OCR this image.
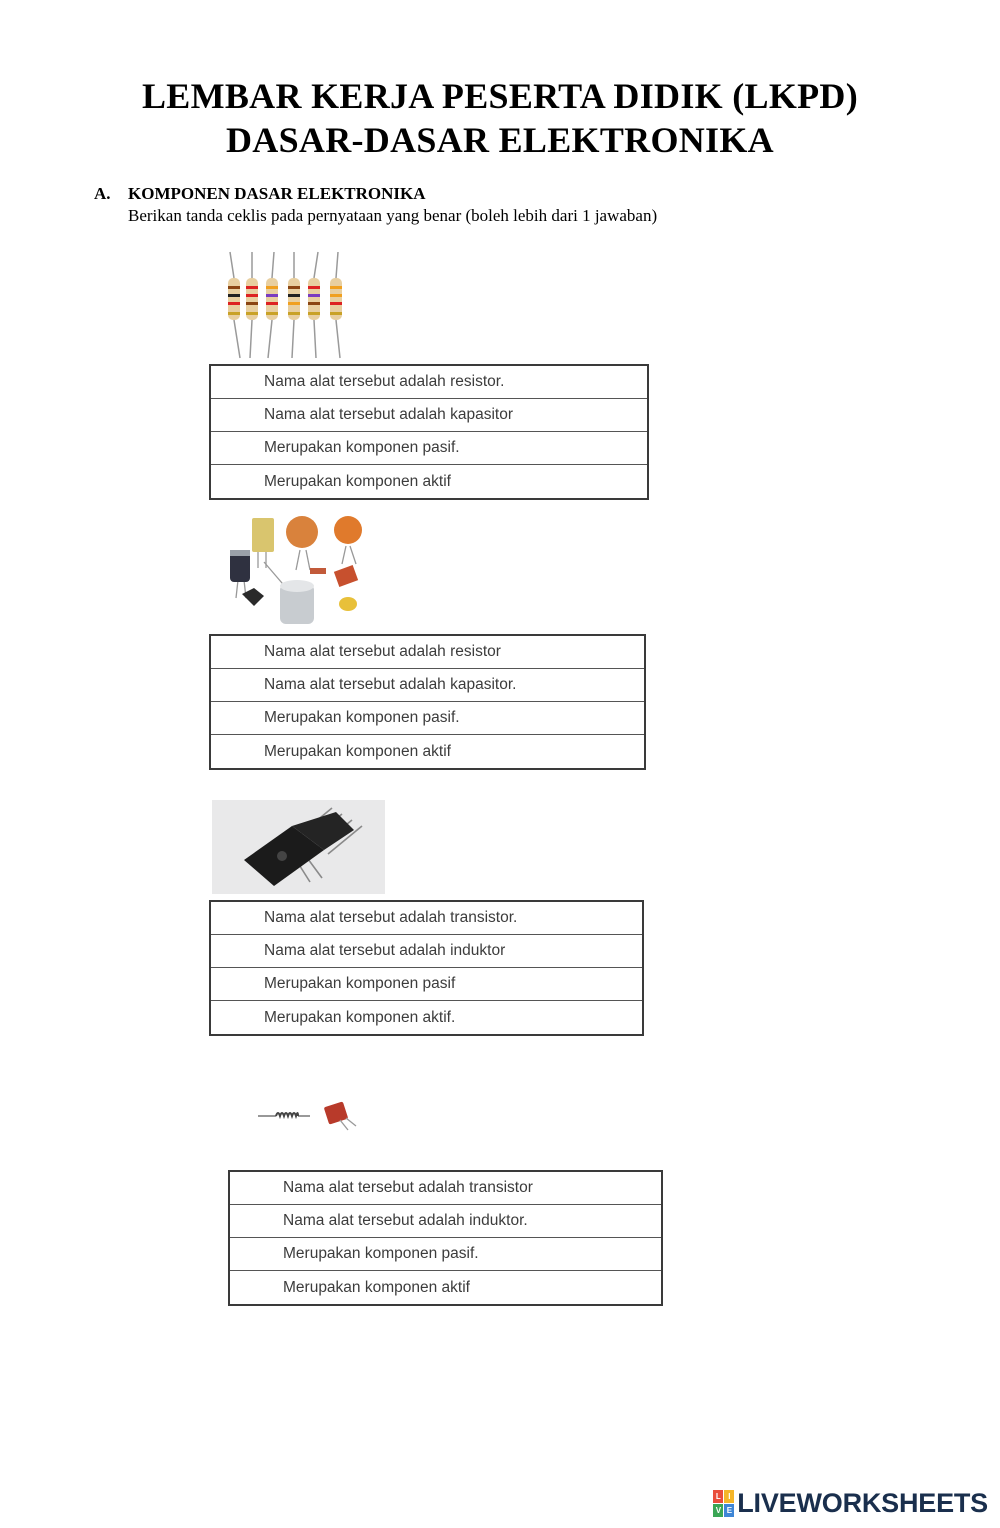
LEMBAR KERJA PESERTA DIDIK (LKPD)
DASAR-DASAR ELEKTRONIKA
A. KOMPONEN DASAR ELEKTRONIKA
Berikan tanda ceklis pada pernyataan yang benar (boleh lebih dari 1 jawaban)
Nama alat tersebut adalah resistor.
Nama alat tersebut adalah kapasitor
Merupakan komponen pasif.
Merupakan komponen aktif
Nama alat tersebut adalah resistor
Nama alat tersebut adalah kapasitor.
Merupakan komponen pasif.
Merupakan komponen aktif
Nama alat tersebut adalah transistor.
Nama alat tersebut adalah induktor
Merupakan komponen pasif
Merupakan komponen aktif.
Nama alat tersebut adalah transistor
Nama alat tersebut adalah induktor.
Merupakan komponen pasif.
Merupakan komponen aktif
L I
V E LIVEWORKSHEETS
